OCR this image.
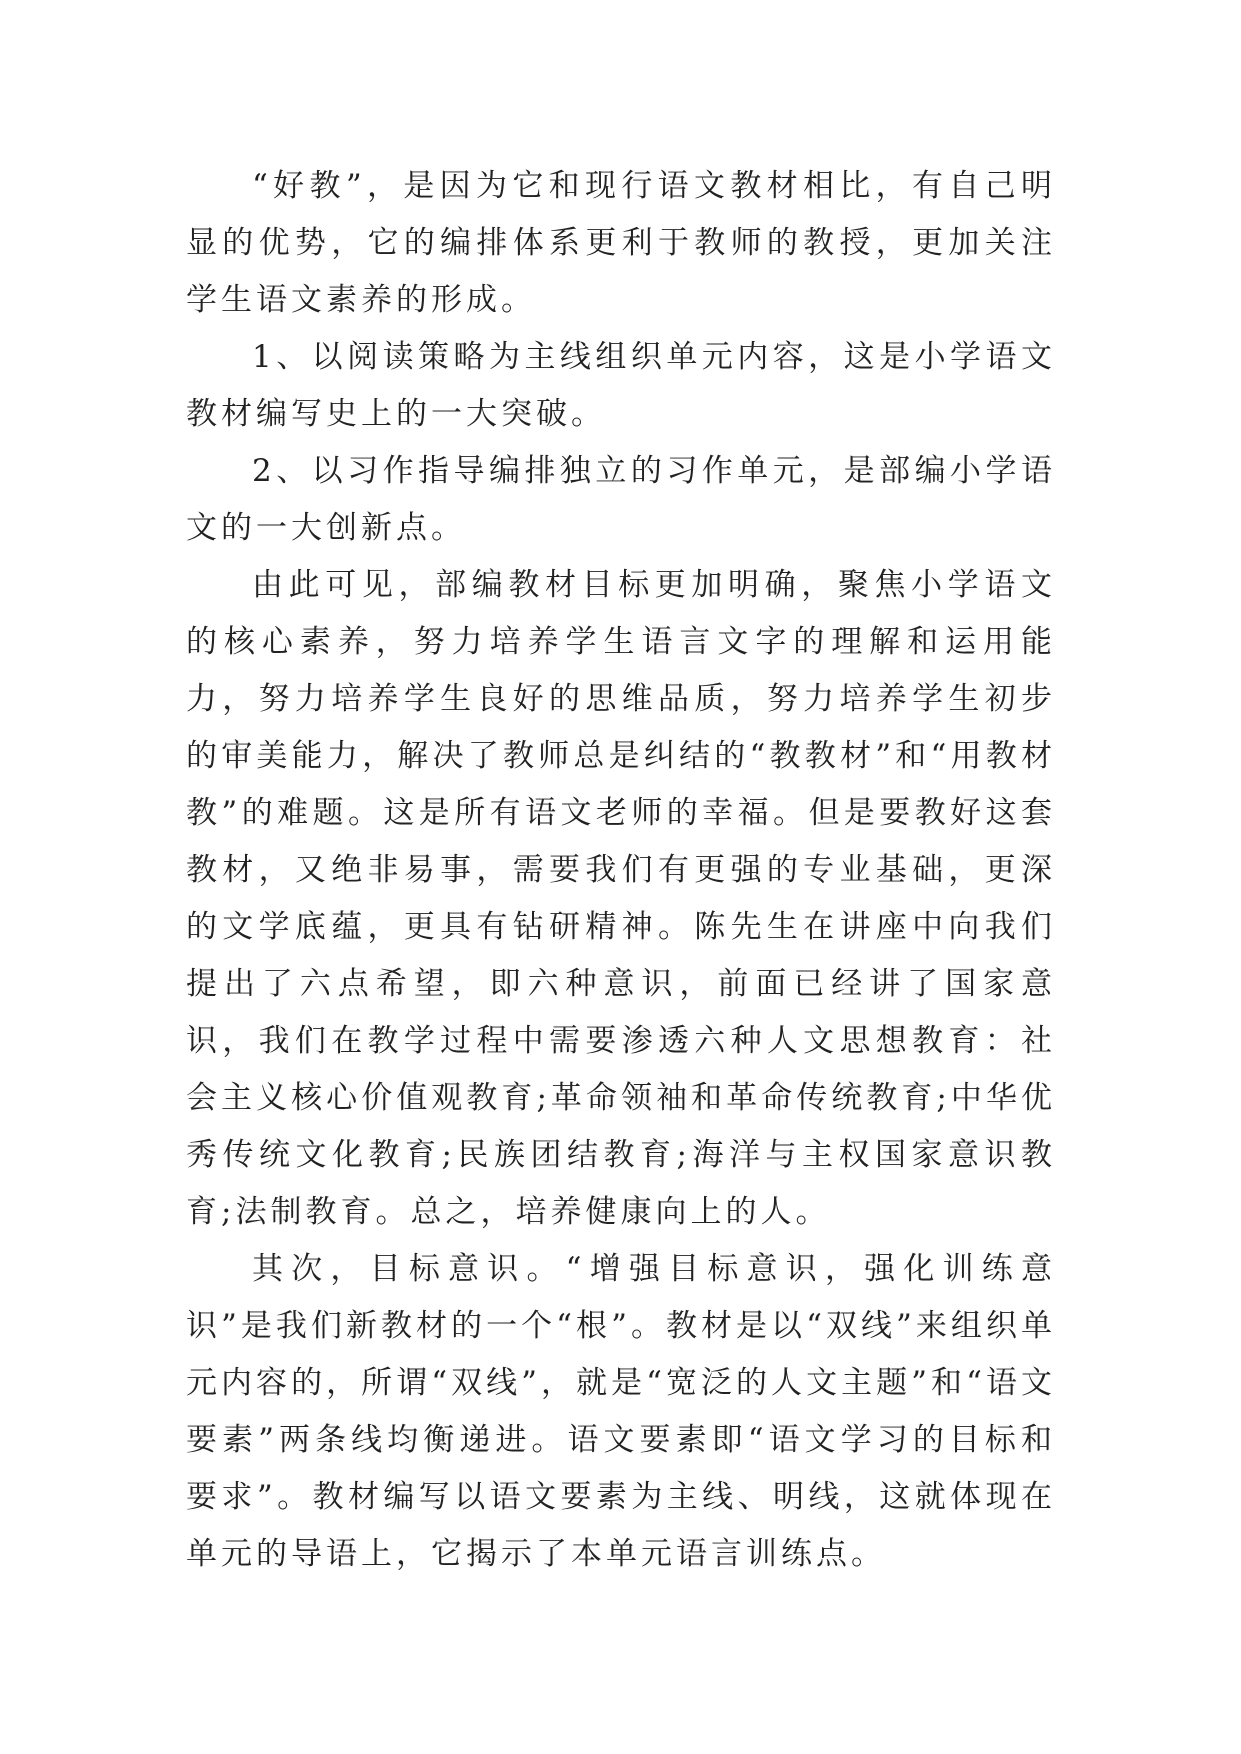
“好教”，是因为它和现行语文教材相比，有自己明显的优势，它的编排体系更利于教师的教授，更加关注学生语文素养的形成。

1、以阅读策略为主线组织单元内容，这是小学语文教材编写史上的一大突破。

2、以习作指导编排独立的习作单元，是部编小学语文的一大创新点。

由此可见，部编教材目标更加明确，聚焦小学语文的核心素养，努力培养学生语言文字的理解和运用能力，努力培养学生良好的思维品质，努力培养学生初步的审美能力，解决了教师总是纠结的“教教材”和“用教材教”的难题。这是所有语文老师的幸福。但是要教好这套教材，又绝非易事，需要我们有更强的专业基础，更深的文学底蕴，更具有钻研精神。陈先生在讲座中向我们提出了六点希望，即六种意识，前面已经讲了国家意识，我们在教学过程中需要渗透六种人文思想教育：社会主义核心价值观教育;革命领袖和革命传统教育;中华优秀传统文化教育;民族团结教育;海洋与主权国家意识教育;法制教育。总之，培养健康向上的人。

其次，目标意识。“增强目标意识，强化训练意识”是我们新教材的一个“根”。教材是以“双线”来组织单元内容的，所谓“双线”，就是“宽泛的人文主题”和“语文要素”两条线均衡递进。语文要素即“语文学习的目标和要求”。教材编写以语文要素为主线、明线，这就体现在单元的导语上，它揭示了本单元语言训练点。
